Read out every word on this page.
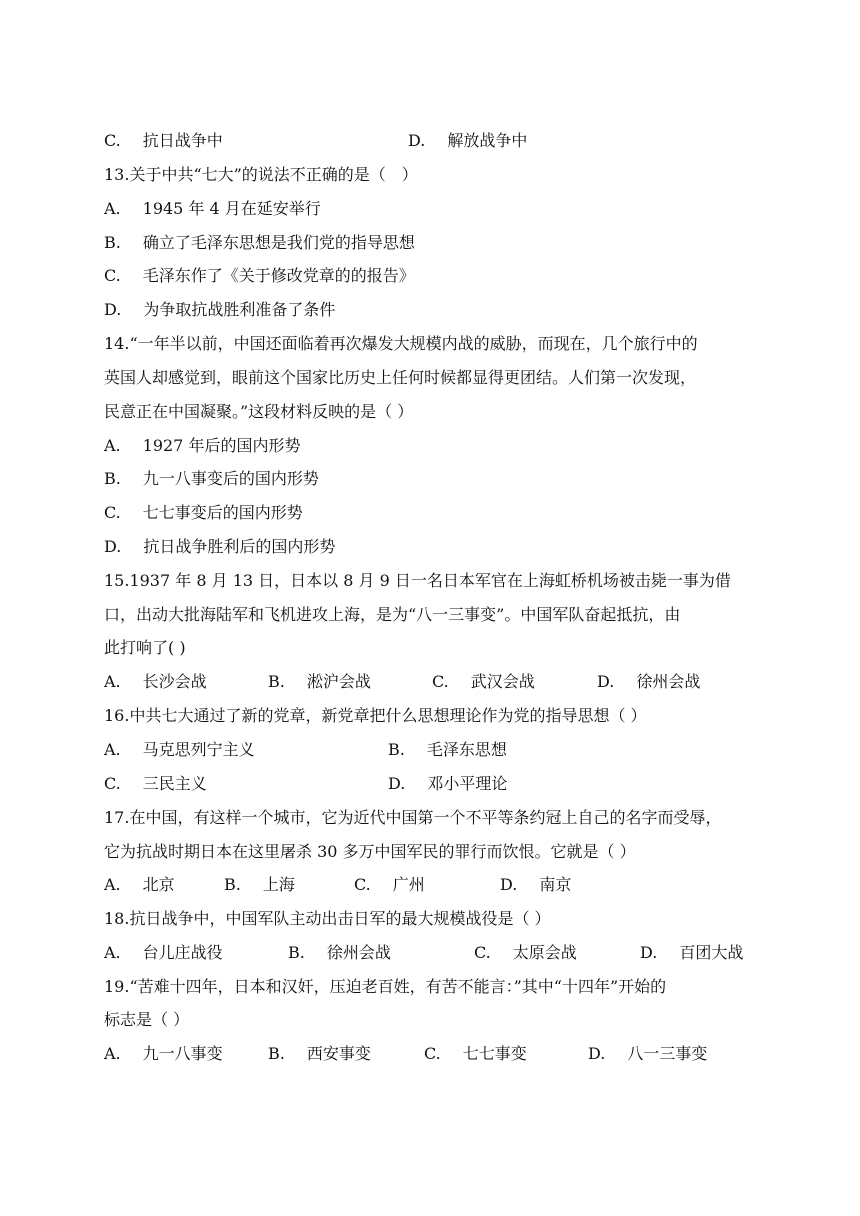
C. 抗日战争中	D. 解放战争中
13.关于中共“七大”的说法不正确的是（　）
A. 1945 年 4 月在延安举行
B. 确立了毛泽东思想是我们党的指导思想
C. 毛泽东作了《关于修改党章的的报告》
D. 为争取抗战胜利准备了条件
14.“一年半以前，中国还面临着再次爆发大规模内战的威胁，而现在，几个旅行中的
英国人却感觉到，眼前这个国家比历史上任何时候都显得更团结。人们第一次发现，
民意正在中国凝聚。”这段材料反映的是（ ）
A. 1927 年后的国内形势
B. 九一八事变后的国内形势
C. 七七事变后的国内形势
D. 抗日战争胜利后的国内形势
15.1937 年 8 月 13 日，日本以 8 月 9 日一名日本军官在上海虹桥机场被击毙一事为借
口，出动大批海陆军和飞机进攻上海，是为“八一三事变”。中国军队奋起抵抗，由
此打响了( )
A. 长沙会战	B. 淞沪会战	C. 武汉会战	D. 徐州会战
16.中共七大通过了新的党章，新党章把什么思想理论作为党的指导思想（ ）
A. 马克思列宁主义	B. 毛泽东思想
C. 三民主义	D. 邓小平理论
17.在中国，有这样一个城市，它为近代中国第一个不平等条约冠上自己的名字而受辱，
它为抗战时期日本在这里屠杀 30 多万中国军民的罪行而饮恨。它就是（ ）
A. 北京	B. 上海	C. 广州	D. 南京
18.抗日战争中，中国军队主动出击日军的最大规模战役是（ ）
A. 台儿庄战役	B. 徐州会战	C. 太原会战	D. 百团大战
19.“苦难十四年，日本和汉奸，压迫老百姓，有苦不能言：”其中“十四年”开始的
标志是（ ）
A. 九一八事变	B. 西安事变	C. 七七事变	D. 八一三事变
